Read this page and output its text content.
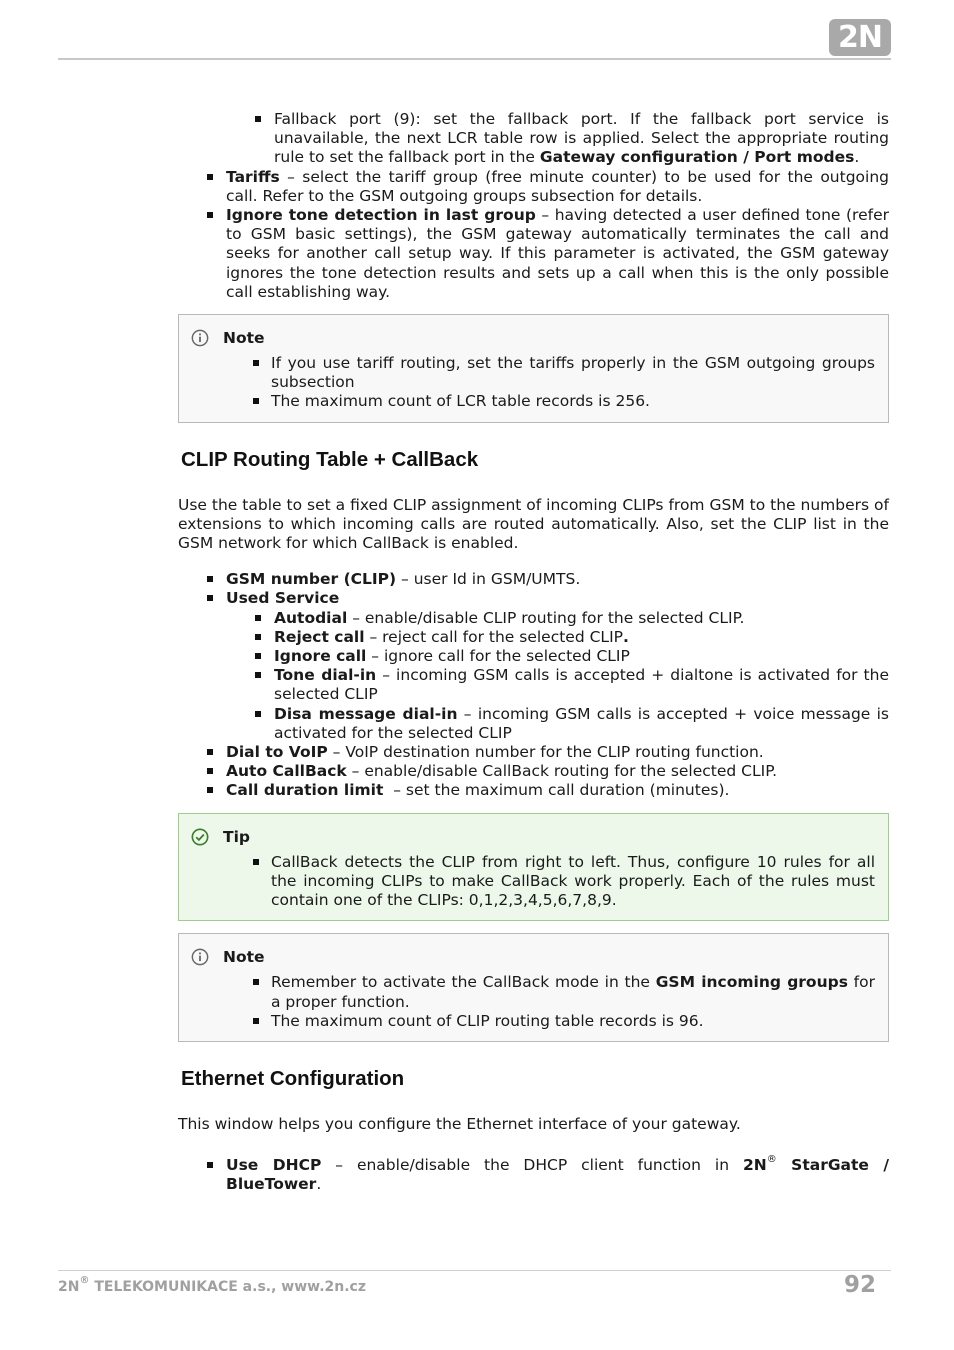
2N
Fallback port (9): set the fallback port. If the fallback port service is unavailable, the next LCR table row is applied. Select the appropriate routing rule to set the fallback port in the Gateway configuration / Port modes.
Tariffs – select the tariff group (free minute counter) to be used for the outgoing call. Refer to the GSM outgoing groups subsection for details.
Ignore tone detection in last group – having detected a user defined tone (refer to GSM basic settings), the GSM gateway automatically terminates the call and seeks for another call setup way. If this parameter is activated, the GSM gateway ignores the tone detection results and sets up a call when this is the only possible call establishing way.
Note
If you use tariff routing, set the tariffs properly in the GSM outgoing groups subsection
The maximum count of LCR table records is 256.
CLIP Routing Table + CallBack

Use the table to set a fixed CLIP assignment of incoming CLIPs from GSM to the numbers of extensions to which incoming calls are routed automatically. Also, set the CLIP list in the GSM network for which CallBack is enabled.

GSM number (CLIP) – user Id in GSM/UMTS.
Used Service
Autodial – enable/disable CLIP routing for the selected CLIP.
Reject call – reject call for the selected CLIP.
Ignore call – ignore call for the selected CLIP
Tone dial-in – incoming GSM calls is accepted + dialtone is activated for the selected CLIP
Disa message dial-in – incoming GSM calls is accepted + voice message is activated for the selected CLIP
Dial to VoIP – VoIP destination number for the CLIP routing function.
Auto CallBack – enable/disable CallBack routing for the selected CLIP.
Call duration limit  – set the maximum call duration (minutes).
Tip
CallBack detects the CLIP from right to left. Thus, configure 10 rules for all the incoming CLIPs to make CallBack work properly. Each of the rules must contain one of the CLIPs: 0,1,2,3,4,5,6,7,8,9.
Note
Remember to activate the CallBack mode in the GSM incoming groups for a proper function.
The maximum count of CLIP routing table records is 96.
Ethernet Configuration

This window helps you configure the Ethernet interface of your gateway.

Use DHCP – enable/disable the DHCP client function in 2N® StarGate / BlueTower.
2N® TELEKOMUNIKACE a.s., www.2n.cz	92
